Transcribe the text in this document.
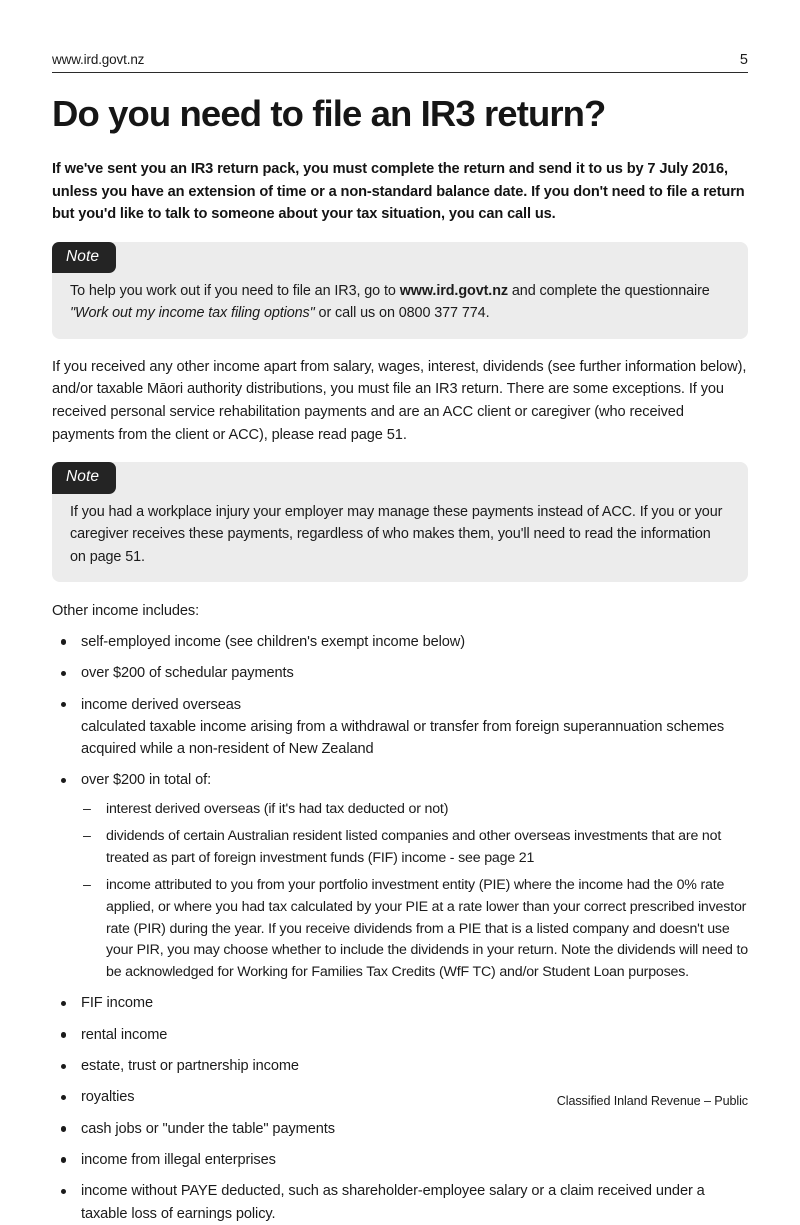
www.ird.govt.nz	5
Do you need to file an IR3 return?

If we've sent you an IR3 return pack, you must complete the return and send it to us by 7 July 2016, unless you have an extension of time or a non-standard balance date. If you don't need to file a return but you'd like to talk to someone about your tax situation, you can call us.

Note
To help you work out if you need to file an IR3, go to www.ird.govt.nz and complete the questionnaire "Work out my income tax filing options" or call us on 0800 377 774.

If you received any other income apart from salary, wages, interest, dividends (see further information below), and/or taxable Māori authority distributions, you must file an IR3 return. There are some exceptions. If you received personal service rehabilitation payments and are an ACC client or caregiver (who received payments from the client or ACC), please read page 51.

Note
If you had a workplace injury your employer may manage these payments instead of ACC. If you or your caregiver receives these payments, regardless of who makes them, you'll need to read the information on page 51.

Other income includes:

self-employed income (see children's exempt income below)
over $200 of schedular payments
income derived overseas
calculated taxable income arising from a withdrawal or transfer from foreign superannuation schemes acquired while a non-resident of New Zealand
over $200 in total of:
– interest derived overseas (if it's had tax deducted or not)
– dividends of certain Australian resident listed companies and other overseas investments that are not treated as part of foreign investment funds (FIF) income - see page 21
– income attributed to you from your portfolio investment entity (PIE) where the income had the 0% rate applied, or where you had tax calculated by your PIE at a rate lower than your correct prescribed investor rate (PIR) during the year. If you receive dividends from a PIE that is a listed company and doesn't use your PIR, you may choose whether to include the dividends in your return. Note the dividends will need to be acknowledged for Working for Families Tax Credits (WfF TC) and/or Student Loan purposes.
FIF income
rental income
estate, trust or partnership income
royalties
cash jobs or "under the table" payments
income from illegal enterprises
income without PAYE deducted, such as shareholder-employee salary or a claim received under a taxable loss of earnings policy.
Classified Inland Revenue – Public
